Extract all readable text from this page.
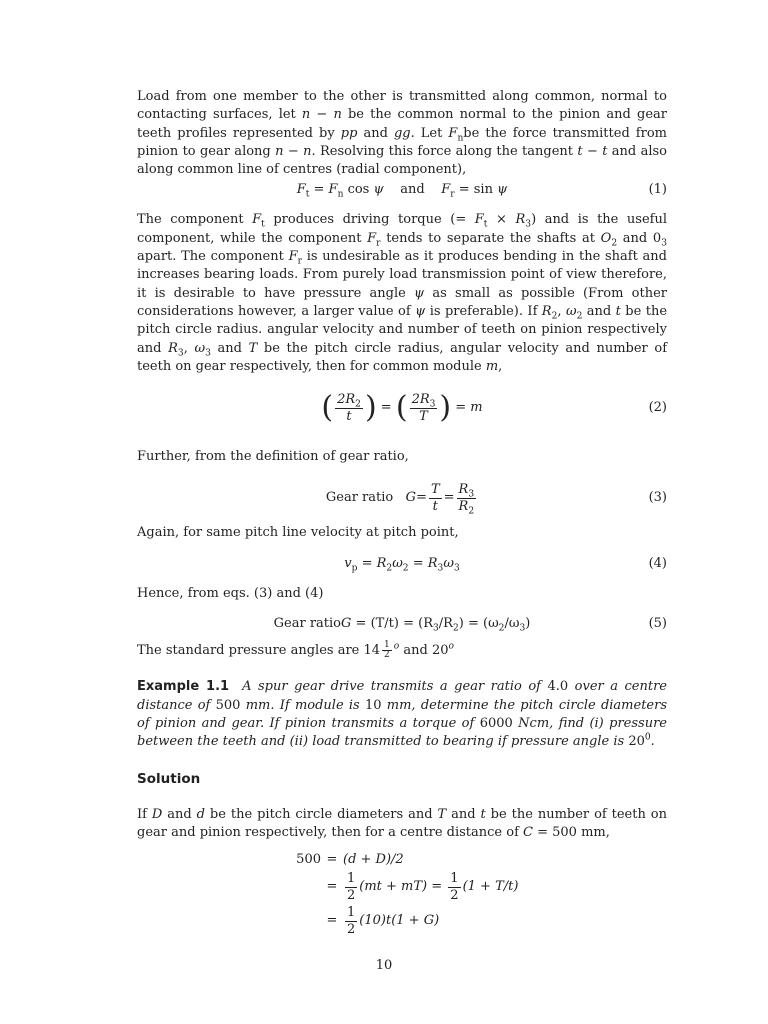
Load from one member to the other is transmitted along common, normal to contacting surfaces, let n − n be the common normal to the pinion and gear teeth profiles represented by pp and gg. Let $F_nbe$ the force transmitted from pinion to gear along n − n. Resolving this force along the tangent t − t and also along common line of centres (radial component),

$F_t = F_n$ cos ψ and $F_r = \sin \psi$	(1)

The component $F_t$ produces driving torque (= $F_t \times R_3$) and is the useful component, while the component $F_r$ tends to separate the shafts at $O_2$ and $0_3$ apart. The component $F_r$ is undesirable as it produces bending in the shaft and increases bearing loads. From purely load transmission point of view therefore, it is desirable to have pressure angle ψ as small as possible (From other considerations however, a larger value of ψ is preferable). If $R_2$, $\omega_2$ and t be the pitch circle radius. angular velocity and number of teeth on pinion respectively and $R_3$, $\omega_3$ and T be the pitch circle radius, angular velocity and number of teeth on gear respectively, then for common module m,

( $\frac{2R_2}{t}$ )
=
( $\frac{2R_3}{T}$ )
= m	(2)

Further, from the definition of gear ratio,

Gear ratio
$G = \frac{T}{t} = \frac{R_3}{R_2}$	(3)

Again, for same pitch line velocity at pitch point,

$v_p = R_2\omega_2 = R_3\omega_3$	(4)

Hence, from eqs. (3) and (4)

Gear ratioG = $(T/t) = (R_3/R_2) = (\omega_2/\omega_3)$	(5)

The standard pressure angles are $14 \frac{1}{2} ^o$ and 20$^o$

Example 1.1 A spur gear drive transmits a gear ratio of 4.0 over a centre distance of 500 mm. If module is 10 mm, determine the pitch circle diameters of pinion and gear. If pinion transmits a torque of 6000 Ncm, find (i) pressure between the teeth and (ii) load transmitted to bearing if pressure angle is $20^0$.

Solution

If D and d be the pitch circle diameters and T and t be the number of teeth on gear and pinion respectively, then for a centre distance of C = 500 mm,

500 = (d + D)/2
= $\frac{1}{2} (mt + mT)$ =
$\frac{1}{2} (1 + T/t)$
= $\frac{1}{2} (10)t(1 + G)$
10
